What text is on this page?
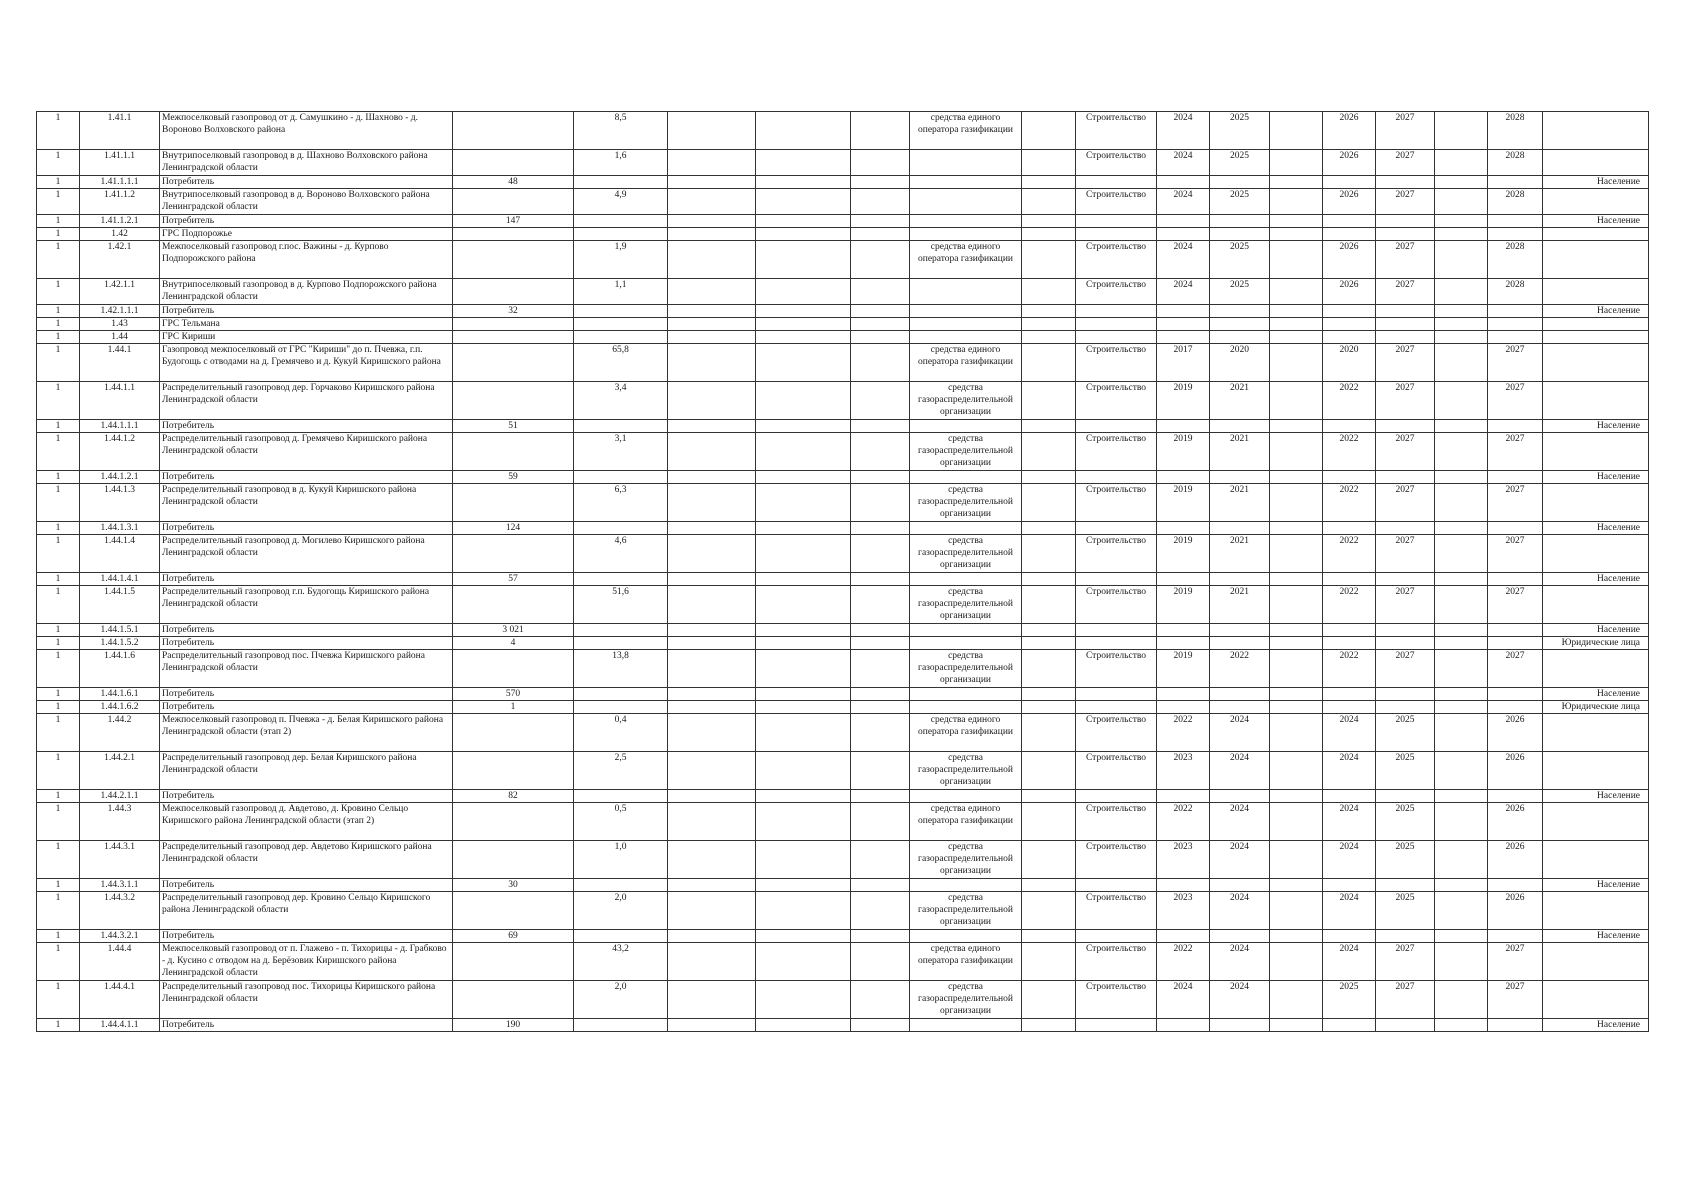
1	1.41.1	Межпоселковый газопровод от д. Самушкино - д. Шахново - д. Вороново Волховского района		8,5				средства единого оператора газификации		Строительство	2024	2025		2026	2027		2028	
1	1.41.1.1	Внутрипоселковый газопровод в д. Шахново Волховского района Ленинградской области		1,6						Строительство	2024	2025		2026	2027		2028	
1	1.41.1.1.1	Потребитель	48															Население
1	1.41.1.2	Внутрипоселковый газопровод в д. Вороново Волховского района Ленинградской области		4,9						Строительство	2024	2025		2026	2027		2028	
1	1.41.1.2.1	Потребитель	147															Население
1	1.42	ГРС Подпорожье																
1	1.42.1	Межпоселковый газопровод г.пос. Важины - д. Курпово Подпорожского района		1,9				средства единого оператора газификации		Строительство	2024	2025		2026	2027		2028	
1	1.42.1.1	Внутрипоселковый газопровод в д. Курпово Подпорожского района Ленинградской области		1,1						Строительство	2024	2025		2026	2027		2028	
1	1.42.1.1.1	Потребитель	32															Население
1	1.43	ГРС Тельмана																
1	1.44	ГРС Кириши																
1	1.44.1	Газопровод межпоселковый от ГРС "Кириши" до п. Пчевжа, г.п. Будогощь с отводами на д. Гремячево и д. Кукуй Киришского района		65,8				средства единого оператора газификации		Строительство	2017	2020		2020	2027		2027	
1	1.44.1.1	Распределительный газопровод дер. Горчаково Киришского района Ленинградской области		3,4				средства газораспределительной организации		Строительство	2019	2021		2022	2027		2027	
1	1.44.1.1.1	Потребитель	51															Население
1	1.44.1.2	Распределительный газопровод д. Гремячево Киришского района Ленинградской области		3,1				средства газораспределительной организации		Строительство	2019	2021		2022	2027		2027	
1	1.44.1.2.1	Потребитель	59															Население
1	1.44.1.3	Распределительный газопровод в д. Кукуй Киришского района Ленинградской области		6,3				средства газораспределительной организации		Строительство	2019	2021		2022	2027		2027	
1	1.44.1.3.1	Потребитель	124															Население
1	1.44.1.4	Распределительный газопровод д. Могилево Киришского района Ленинградской области		4,6				средства газораспределительной организации		Строительство	2019	2021		2022	2027		2027	
1	1.44.1.4.1	Потребитель	57															Население
1	1.44.1.5	Распределительный газопровод г.п. Будогощь Киришского района Ленинградской области		51,6				средства газораспределительной организации		Строительство	2019	2021		2022	2027		2027	
1	1.44.1.5.1	Потребитель	3 021															Население
1	1.44.1.5.2	Потребитель	4															Юридические лица
1	1.44.1.6	Распределительный газопровод пос. Пчевжа Киришского района Ленинградской области		13,8				средства газораспределительной организации		Строительство	2019	2022		2022	2027		2027	
1	1.44.1.6.1	Потребитель	570															Население
1	1.44.1.6.2	Потребитель	1															Юридические лица
1	1.44.2	Межпоселковый газопровод п. Пчевжа - д. Белая Киришского района Ленинградской области (этап 2)		0,4				средства единого оператора газификации		Строительство	2022	2024		2024	2025		2026	
1	1.44.2.1	Распределительный газопровод дер. Белая Киришского района Ленинградской области		2,5				средства газораспределительной организации		Строительство	2023	2024		2024	2025		2026	
1	1.44.2.1.1	Потребитель	82															Население
1	1.44.3	Межпоселковый газопровод д. Авдетово, д. Кровино Сельцо Киришского района Ленинградской области (этап 2)		0,5				средства единого оператора газификации		Строительство	2022	2024		2024	2025		2026	
1	1.44.3.1	Распределительный газопровод дер. Авдетово Киришского района Ленинградской области		1,0				средства газораспределительной организации		Строительство	2023	2024		2024	2025		2026	
1	1.44.3.1.1	Потребитель	30															Население
1	1.44.3.2	Распределительный газопровод дер. Кровино Сельцо Киришского района Ленинградской области		2,0				средства газораспределительной организации		Строительство	2023	2024		2024	2025		2026	
1	1.44.3.2.1	Потребитель	69															Население
1	1.44.4	Межпоселковый газопровод от п. Глажево - п. Тихорицы - д. Грабково - д. Кусино с отводом на д. Берёзовик Киришского района Ленинградской области		43,2				средства единого оператора газификации		Строительство	2022	2024		2024	2027		2027	
1	1.44.4.1	Распределительный газопровод пос. Тихорицы Киришского района Ленинградской области		2,0				средства газораспределительной организации		Строительство	2024	2024		2025	2027		2027	
1	1.44.4.1.1	Потребитель	190															Население
